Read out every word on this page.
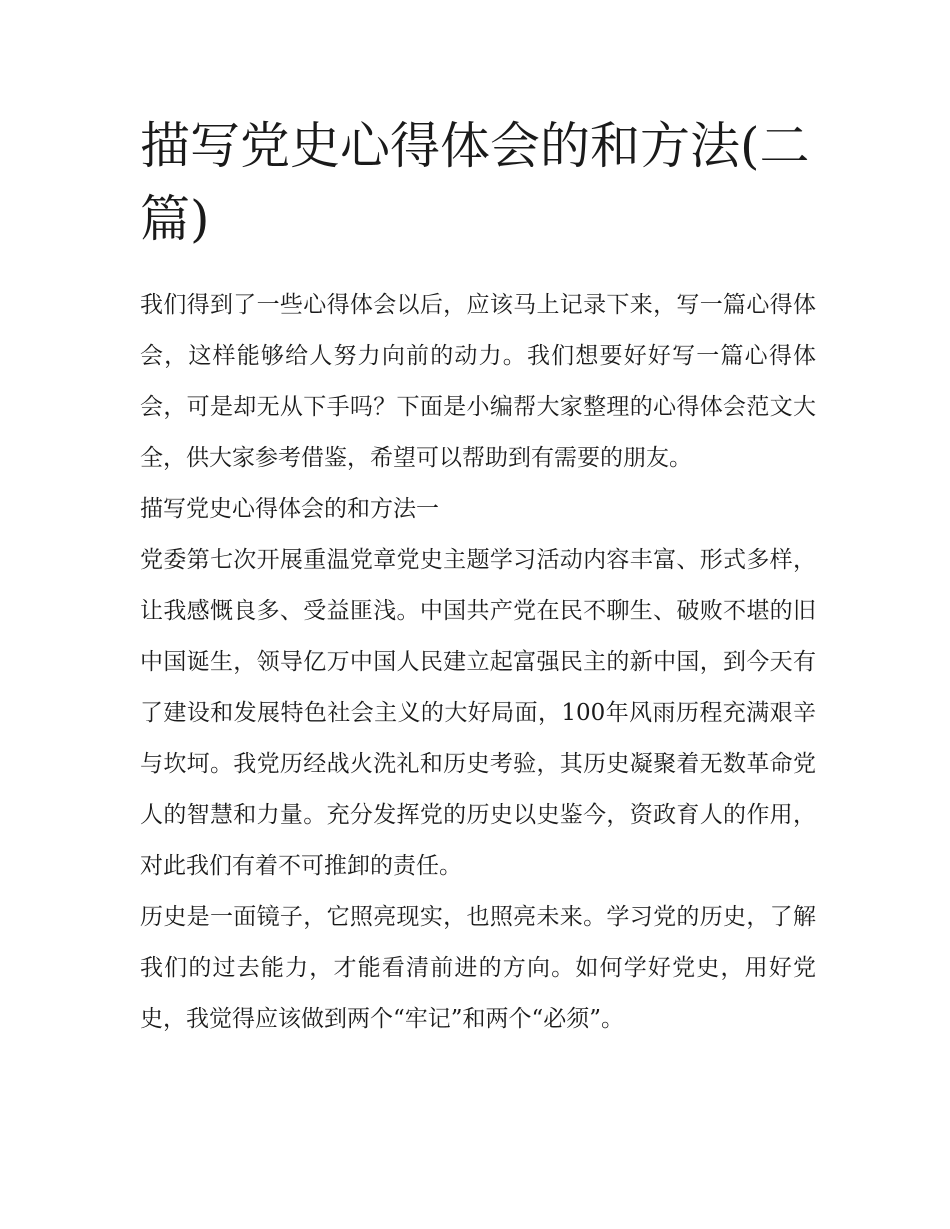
描写党史心得体会的和方法(二篇)

我们得到了一些心得体会以后，应该马上记录下来，写一篇心得体会，这样能够给人努力向前的动力。我们想要好好写一篇心得体会，可是却无从下手吗？下面是小编帮大家整理的心得体会范文大全，供大家参考借鉴，希望可以帮助到有需要的朋友。

描写党史心得体会的和方法一

党委第七次开展重温党章党史主题学习活动内容丰富、形式多样，让我感慨良多、受益匪浅。中国共产党在民不聊生、破败不堪的旧中国诞生，领导亿万中国人民建立起富强民主的新中国，到今天有了建设和发展特色社会主义的大好局面，100年风雨历程充满艰辛与坎坷。我党历经战火洗礼和历史考验，其历史凝聚着无数革命党人的智慧和力量。充分发挥党的历史以史鉴今，资政育人的作用，对此我们有着不可推卸的责任。

历史是一面镜子，它照亮现实，也照亮未来。学习党的历史，了解我们的过去能力，才能看清前进的方向。如何学好党史，用好党史，我觉得应该做到两个“牢记”和两个“必须”。
